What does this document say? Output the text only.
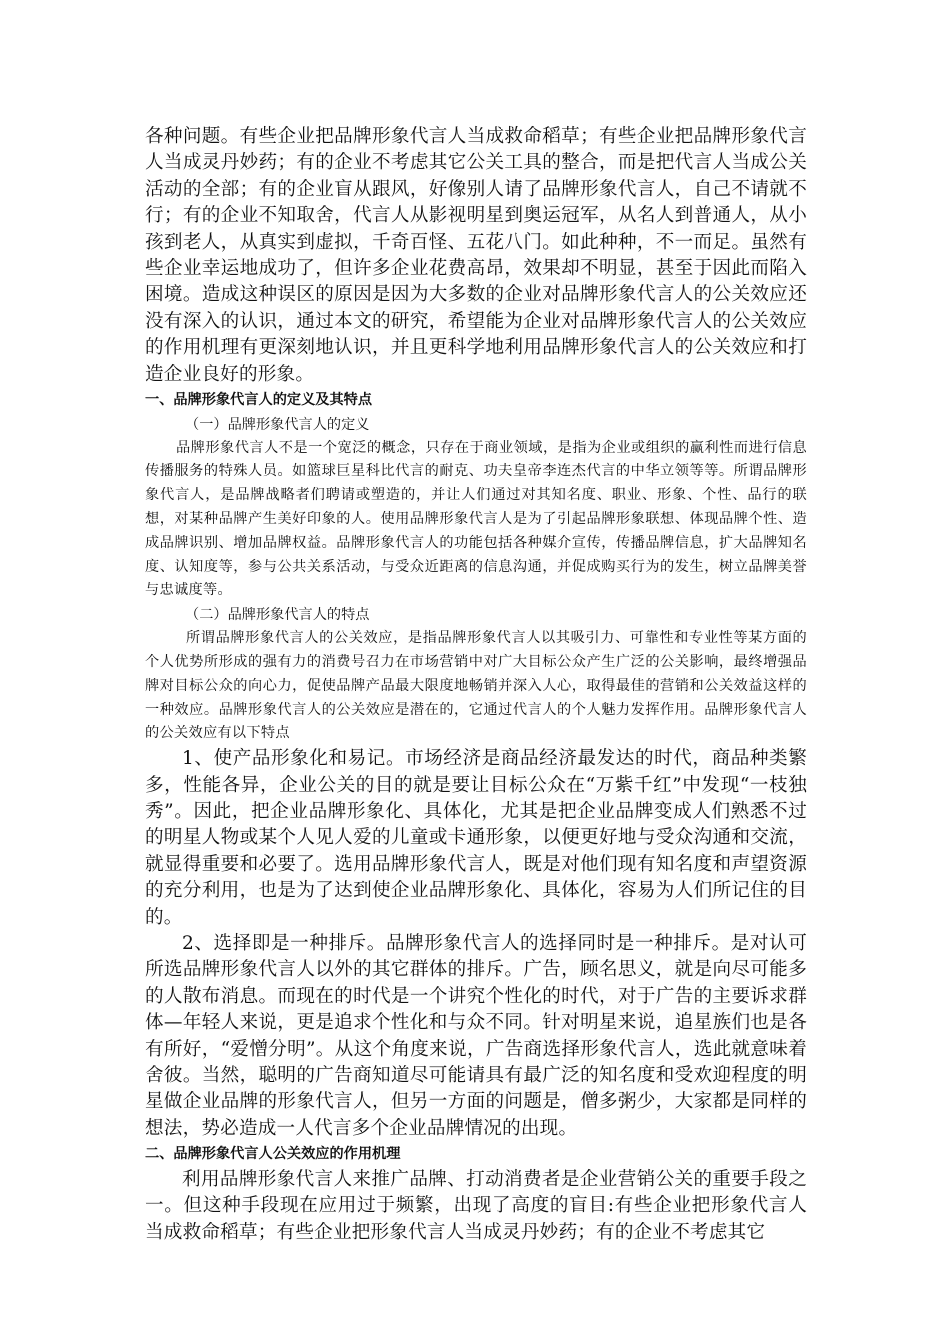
各种问题。有些企业把品牌形象代言人当成救命稻草；有些企业把品牌形象代言人当成灵丹妙药；有的企业不考虑其它公关工具的整合，而是把代言人当成公关活动的全部；有的企业盲从跟风，好像别人请了品牌形象代言人，自己不请就不行；有的企业不知取舍，代言人从影视明星到奥运冠军，从名人到普通人，从小孩到老人，从真实到虚拟，千奇百怪、五花八门。如此种种，不一而足。虽然有些企业幸运地成功了，但许多企业花费高昂，效果却不明显，甚至于因此而陷入困境。造成这种误区的原因是因为大多数的企业对品牌形象代言人的公关效应还没有深入的认识，通过本文的研究，希望能为企业对品牌形象代言人的公关效应的作用机理有更深刻地认识，并且更科学地利用品牌形象代言人的公关效应和打造企业良好的形象。

一、品牌形象代言人的定义及其特点
（一）品牌形象代言人的定义

品牌形象代言人不是一个宽泛的概念，只存在于商业领域，是指为企业或组织的赢利性而进行信息传播服务的特殊人员。如篮球巨星科比代言的耐克、功夫皇帝李连杰代言的中华立领等等。所谓品牌形象代言人，是品牌战略者们聘请或塑造的，并让人们通过对其知名度、职业、形象、个性、品行的联想，对某种品牌产生美好印象的人。使用品牌形象代言人是为了引起品牌形象联想、体现品牌个性、造成品牌识别、增加品牌权益。品牌形象代言人的功能包括各种媒介宣传，传播品牌信息，扩大品牌知名度、认知度等，参与公共关系活动，与受众近距离的信息沟通，并促成购买行为的发生，树立品牌美誉与忠诚度等。

（二）品牌形象代言人的特点

所谓品牌形象代言人的公关效应，是指品牌形象代言人以其吸引力、可靠性和专业性等某方面的个人优势所形成的强有力的消费号召力在市场营销中对广大目标公众产生广泛的公关影响，最终增强品牌对目标公众的向心力，促使品牌产品最大限度地畅销并深入人心，取得最佳的营销和公关效益这样的一种效应。品牌形象代言人的公关效应是潜在的，它通过代言人的个人魅力发挥作用。品牌形象代言人的公关效应有以下特点

1、使产品形象化和易记。市场经济是商品经济最发达的时代，商品种类繁多，性能各异，企业公关的目的就是要让目标公众在“万紫千红”中发现“一枝独秀”。因此，把企业品牌形象化、具体化，尤其是把企业品牌变成人们熟悉不过的明星人物或某个人见人爱的儿童或卡通形象，以便更好地与受众沟通和交流，就显得重要和必要了。选用品牌形象代言人，既是对他们现有知名度和声望资源的充分利用，也是为了达到使企业品牌形象化、具体化，容易为人们所记住的目的。

2、选择即是一种排斥。品牌形象代言人的选择同时是一种排斥。是对认可所选品牌形象代言人以外的其它群体的排斥。广告，顾名思义，就是向尽可能多的人散布消息。而现在的时代是一个讲究个性化的时代，对于广告的主要诉求群体—年轻人来说，更是追求个性化和与众不同。针对明星来说，追星族们也是各有所好，“爱憎分明”。从这个角度来说，广告商选择形象代言人，选此就意味着舍彼。当然，聪明的广告商知道尽可能请具有最广泛的知名度和受欢迎程度的明星做企业品牌的形象代言人，但另一方面的问题是，僧多粥少，大家都是同样的想法，势必造成一人代言多个企业品牌情况的出现。

二、品牌形象代言人公关效应的作用机理

利用品牌形象代言人来推广品牌、打动消费者是企业营销公关的重要手段之一。但这种手段现在应用过于频繁，出现了高度的盲目:有些企业把形象代言人当成救命稻草；有些企业把形象代言人当成灵丹妙药；有的企业不考虑其它
